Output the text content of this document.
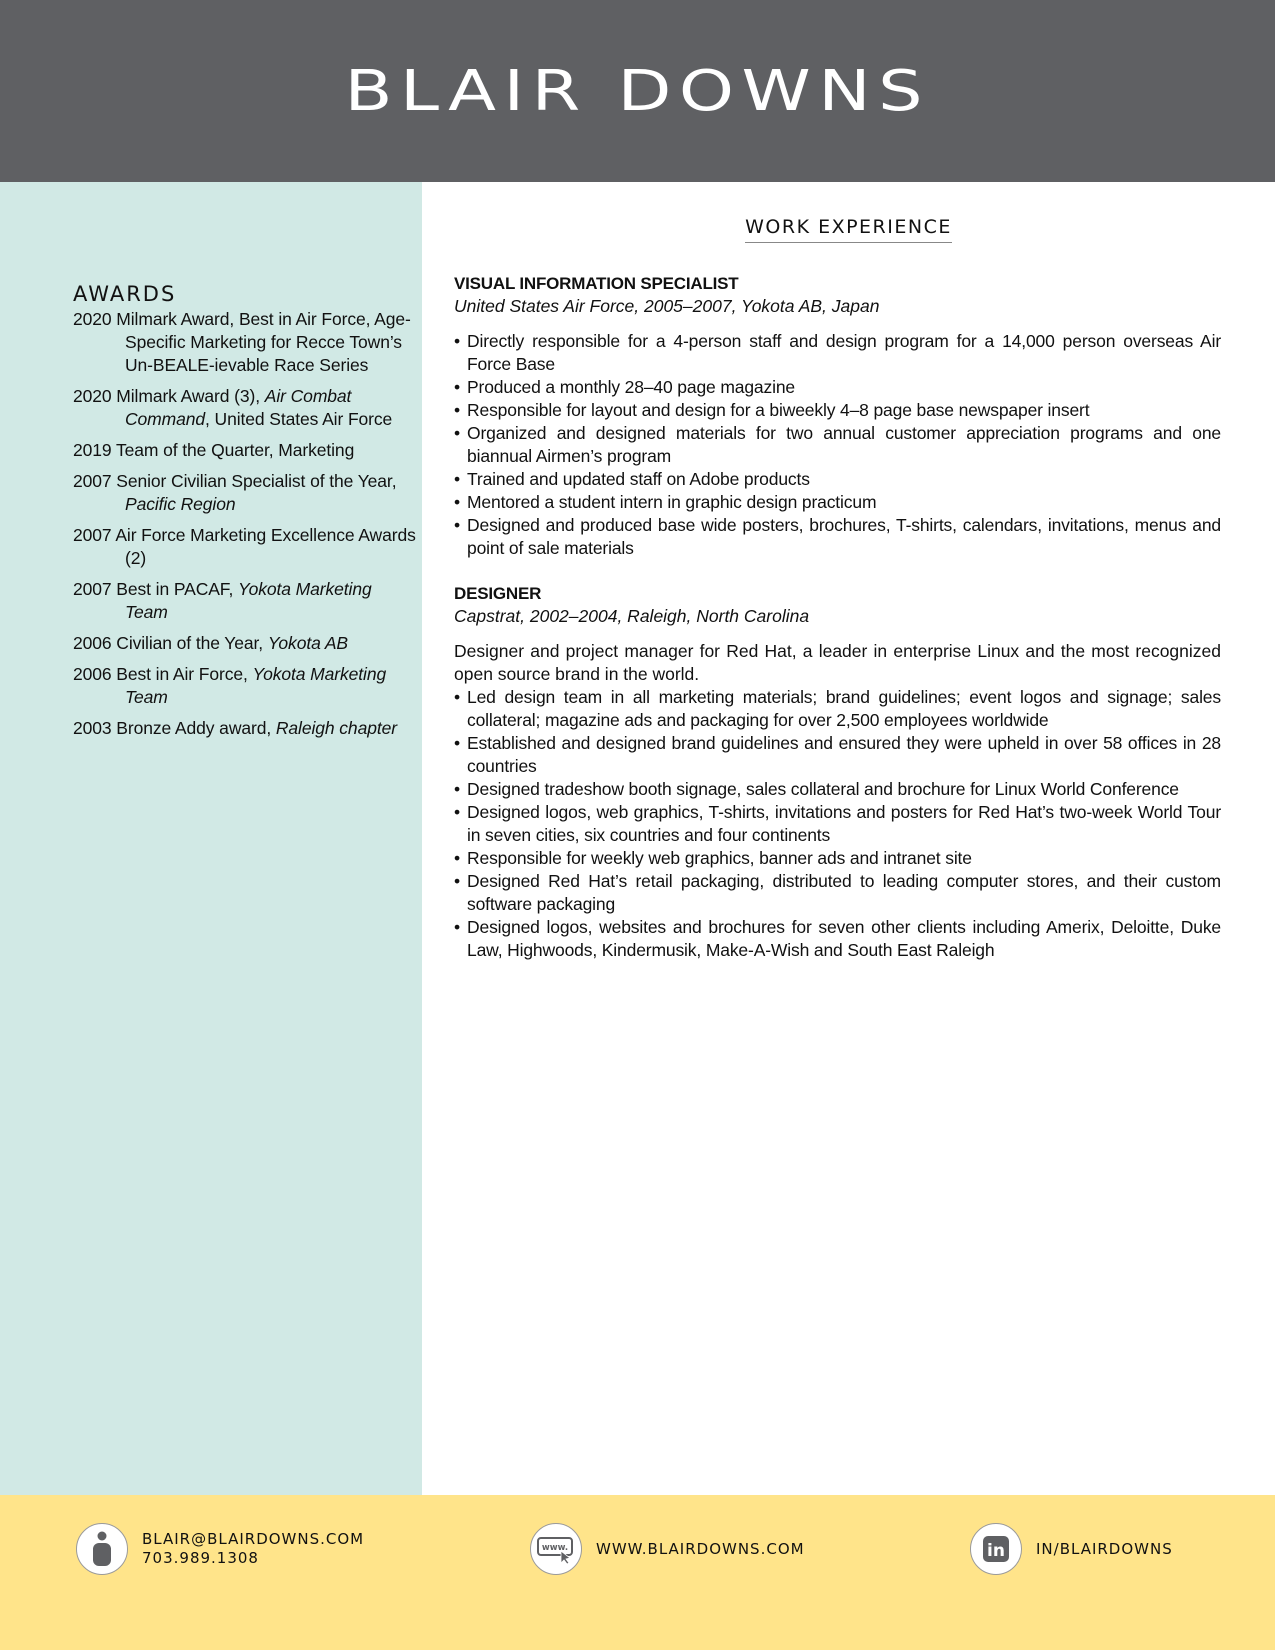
BLAIR DOWNS
AWARDS
2020 Milmark Award, Best in Air Force, Age-Specific Marketing for Recce Town’s Un-BEALE-ievable Race Series
2020 Milmark Award (3), Air Combat Command, United States Air Force
2019 Team of the Quarter, Marketing
2007 Senior Civilian Specialist of the Year, Pacific Region
2007 Air Force Marketing Excellence Awards (2)
2007 Best in PACAF, Yokota Marketing Team
2006 Civilian of the Year, Yokota AB
2006 Best in Air Force, Yokota Marketing Team
2003 Bronze Addy award, Raleigh chapter
WORK EXPERIENCE
VISUAL INFORMATION SPECIALIST
United States Air Force, 2005–2007, Yokota AB, Japan
• Directly responsible for a 4-person staff and design program for a 14,000 person overseas Air Force Base
• Produced a monthly 28–40 page magazine
• Responsible for layout and design for a biweekly 4–8 page base newspaper insert
• Organized and designed materials for two annual customer appreciation programs and one biannual Airmen’s program
• Trained and updated staff on Adobe products
• Mentored a student intern in graphic design practicum
• Designed and produced base wide posters, brochures, T-shirts, calendars, invitations, menus and point of sale materials
DESIGNER
Capstrat, 2002–2004, Raleigh, North Carolina
Designer and project manager for Red Hat, a leader in enterprise Linux and the most recognized open source brand in the world.
• Led design team in all marketing materials; brand guidelines; event logos and signage; sales collateral; magazine ads and packaging for over 2,500 employees worldwide
• Established and designed brand guidelines and ensured they were upheld in over 58 offices in 28 countries
• Designed tradeshow booth signage, sales collateral and brochure for Linux World Conference
• Designed logos, web graphics, T-shirts, invitations and posters for Red Hat’s two-week World Tour in seven cities, six countries and four continents
• Responsible for weekly web graphics, banner ads and intranet site
• Designed Red Hat’s retail packaging, distributed to leading computer stores, and their custom software packaging
• Designed logos, websites and brochures for seven other clients including Amerix, Deloitte, Duke Law, Highwoods, Kindermusik, Make-A-Wish and South East Raleigh
BLAIR@BLAIRDOWNS.COM
703.989.1308
www. WWW.BLAIRDOWNS.COM	in IN/BLAIRDOWNS
